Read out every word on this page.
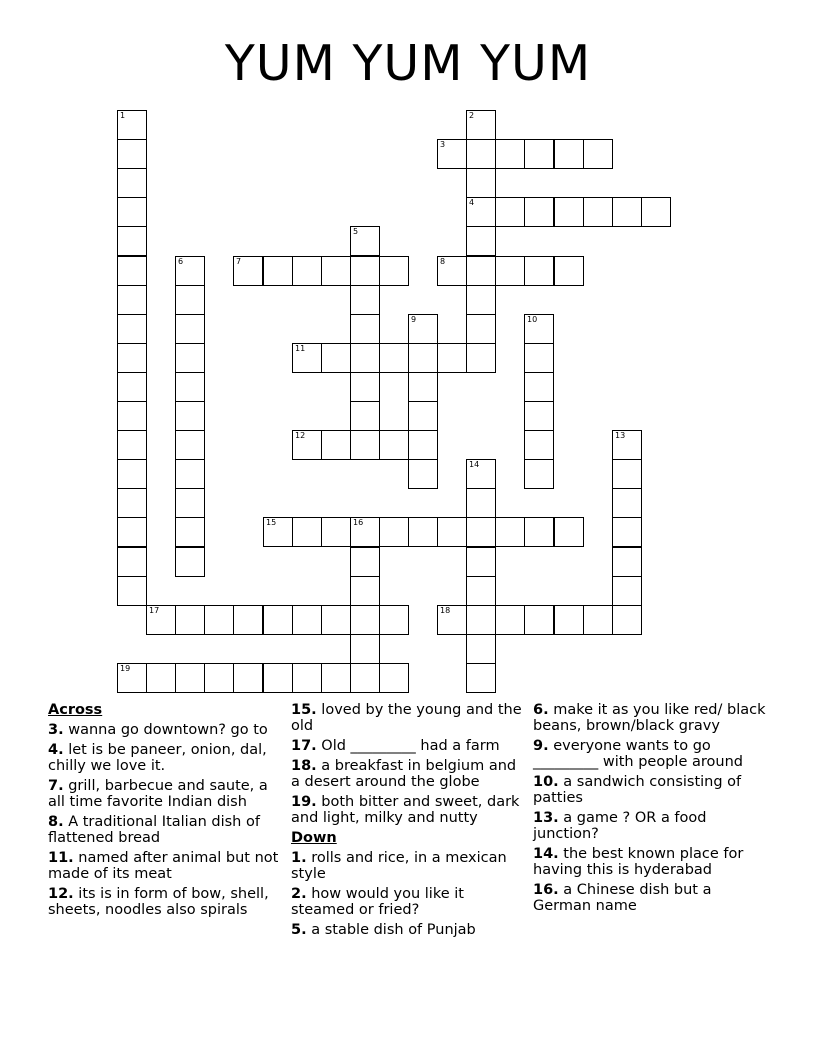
YUM YUM YUM
1	2
4
3
5
6	7	8
9	10
11
12	13
14
15	16
17	18
19
Across
3. wanna go downtown? go to
4. let is be paneer, onion, dal, chilly we love it.
7. grill, barbecue and saute, a all time favorite Indian dish
8. A traditional Italian dish of flattened bread
11. named after animal but not made of its meat
12. its is in form of bow, shell, sheets, noodles also spirals
15. loved by the young and the old
17. Old _________ had a farm
18. a breakfast in belgium and a desert around the globe
19. both bitter and sweet, dark and light, milky and nutty
Down
1. rolls and rice, in a mexican style
2. how would you like it steamed or fried?
5. a stable dish of Punjab
6. make it as you like red/ black beans, brown/black gravy
9. everyone wants to go _________ with people around
10. a sandwich consisting of patties
13. a game ? OR a food junction?
14. the best known place for having this is hyderabad
16. a Chinese dish but a German name
